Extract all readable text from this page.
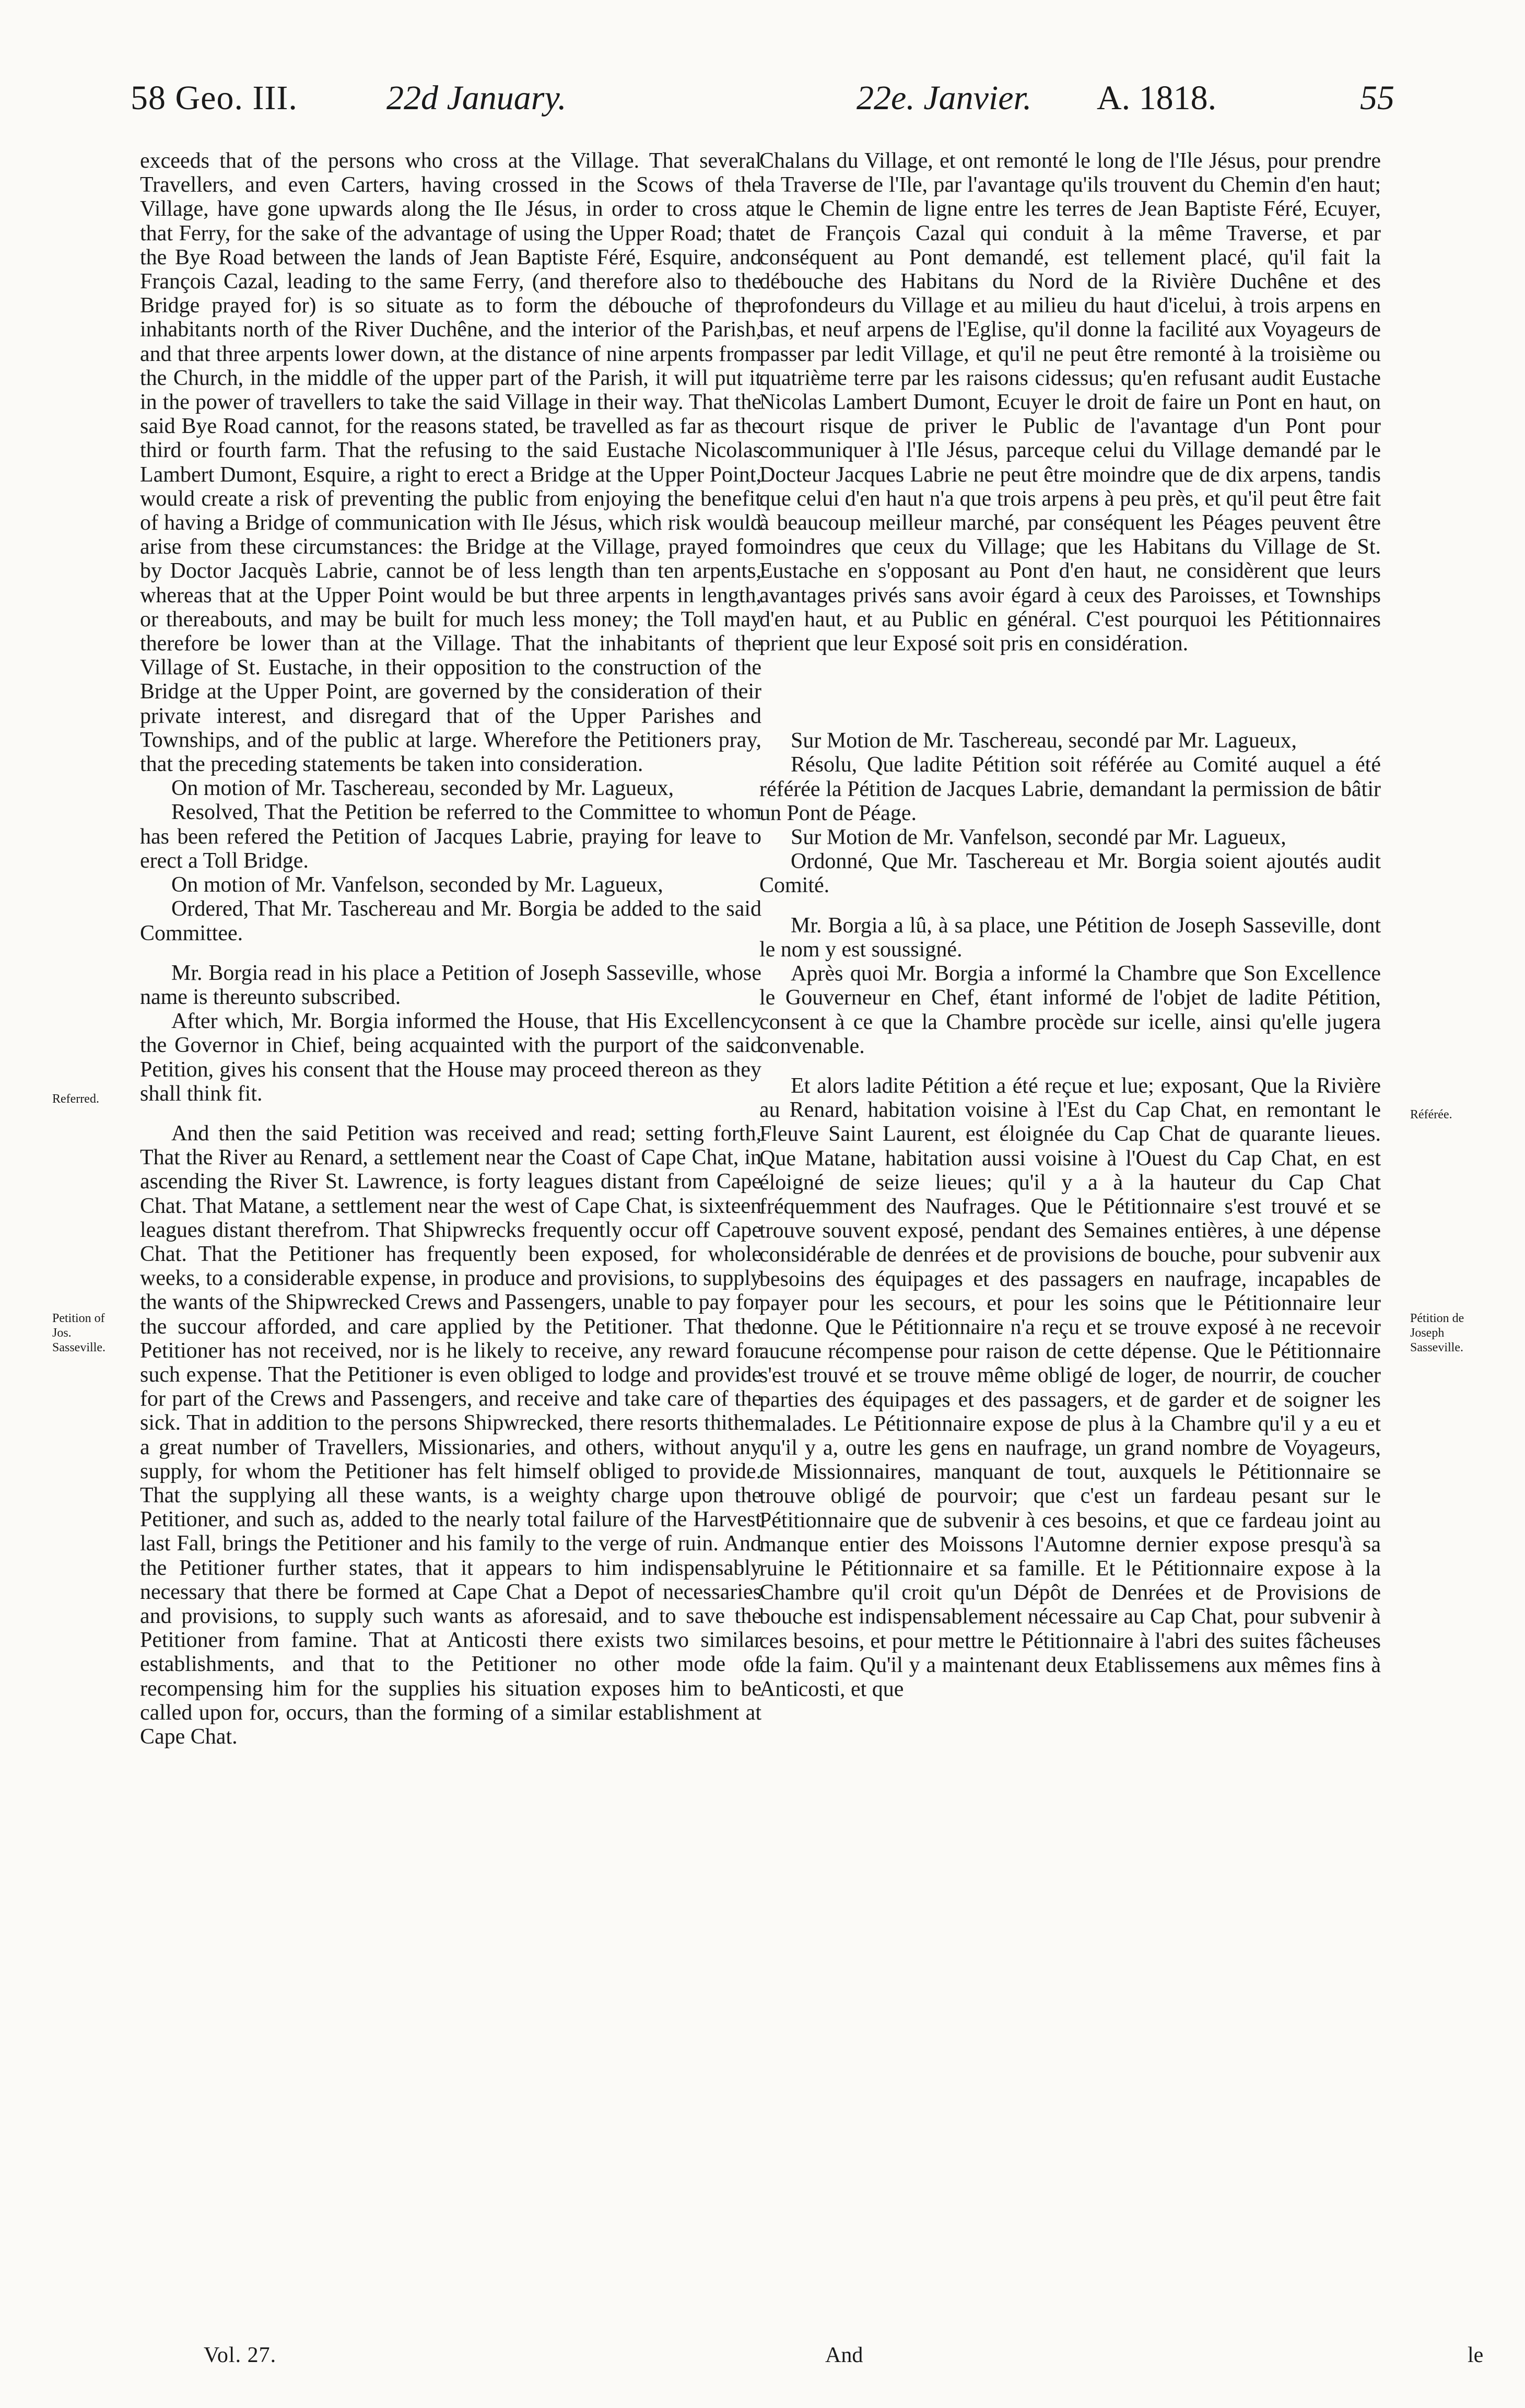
58 Geo. III.	22d January.	22e. Janvier. A. 1818.	55

exceeds that of the persons who cross at the Village. That several Travellers, and even Carters, having crossed in the Scows of the Village, have gone upwards along the Ile Jésus, in order to cross at that Ferry, for the sake of the advantage of using the Upper Road; that the Bye Road between the lands of Jean Baptiste Féré, Esquire, and François Cazal, leading to the same Ferry, (and therefore also to the Bridge prayed for) is so situate as to form the débouche of the inhabitants north of the River Duchêne, and the interior of the Parish, and that three arpents lower down, at the distance of nine arpents from the Church, in the middle of the upper part of the Parish, it will put it in the power of travellers to take the said Village in their way. That the said Bye Road cannot, for the reasons stated, be travelled as far as the third or fourth farm. That the refusing to the said Eustache Nicolas Lambert Dumont, Esquire, a right to erect a Bridge at the Upper Point, would create a risk of preventing the public from enjoying the benefit of having a Bridge of communication with Ile Jésus, which risk would arise from these circumstances: the Bridge at the Village, prayed for by Doctor Jacquès Labrie, cannot be of less length than ten arpents, whereas that at the Upper Point would be but three arpents in length, or thereabouts, and may be built for much less money; the Toll may therefore be lower than at the Village. That the inhabitants of the Village of St. Eustache, in their opposition to the construction of the Bridge at the Upper Point, are governed by the consideration of their private interest, and disregard that of the Upper Parishes and Townships, and of the public at large. Wherefore the Petitioners pray, that the preceding statements be taken into consideration.

On motion of Mr. Taschereau, seconded by Mr. Lagueux,

Resolved, That the Petition be referred to the Committee to whom has been refered the Petition of Jacques Labrie, praying for leave to erect a Toll Bridge.

On motion of Mr. Vanfelson, seconded by Mr. Lagueux,

Ordered, That Mr. Taschereau and Mr. Borgia be added to the said Committee.

Mr. Borgia read in his place a Petition of Joseph Sasseville, whose name is thereunto subscribed.

After which, Mr. Borgia informed the House, that His Excellency the Governor in Chief, being acquainted with the purport of the said Petition, gives his consent that the House may proceed thereon as they shall think fit.

And then the said Petition was received and read; setting forth, That the River au Renard, a settlement near the Coast of Cape Chat, in ascending the River St. Lawrence, is forty leagues distant from Cape Chat. That Matane, a settlement near the west of Cape Chat, is sixteen leagues distant therefrom. That Shipwrecks frequently occur off Cape Chat. That the Petitioner has frequently been exposed, for whole weeks, to a considerable expense, in produce and provisions, to supply the wants of the Shipwrecked Crews and Passengers, unable to pay for the succour afforded, and care applied by the Petitioner. That the Petitioner has not received, nor is he likely to receive, any reward for such expense. That the Petitioner is even obliged to lodge and provide for part of the Crews and Passengers, and receive and take care of the sick. That in addition to the persons Shipwrecked, there resorts thither a great number of Travellers, Missionaries, and others, without any supply, for whom the Petitioner has felt himself obliged to provide. That the supplying all these wants, is a weighty charge upon the Petitioner, and such as, added to the nearly total failure of the Harvest last Fall, brings the Petitioner and his family to the verge of ruin. And the Petitioner further states, that it appears to him indispensably necessary that there be formed at Cape Chat a Depot of necessaries and provisions, to supply such wants as aforesaid, and to save the Petitioner from famine. That at Anticosti there exists two similar establishments, and that to the Petitioner no other mode of recompensing him for the supplies his situation exposes him to be called upon for, occurs, than the forming of a similar establishment at Cape Chat.

Chalans du Village, et ont remonté le long de l'Ile Jésus, pour prendre la Traverse de l'Ile, par l'avantage qu'ils trouvent du Chemin d'en haut; que le Chemin de ligne entre les terres de Jean Baptiste Féré, Ecuyer, et de François Cazal qui conduit à la même Traverse, et par conséquent au Pont demandé, est tellement placé, qu'il fait la débouche des Habitans du Nord de la Rivière Duchêne et des profondeurs du Village et au milieu du haut d'icelui, à trois arpens en bas, et neuf arpens de l'Eglise, qu'il donne la facilité aux Voyageurs de passer par ledit Village, et qu'il ne peut être remonté à la troisième ou quatrième terre par les raisons cidessus; qu'en refusant audit Eustache Nicolas Lambert Dumont, Ecuyer le droit de faire un Pont en haut, on court risque de priver le Public de l'avantage d'un Pont pour communiquer à l'Ile Jésus, parceque celui du Village demandé par le Docteur Jacques Labrie ne peut être moindre que de dix arpens, tandis que celui d'en haut n'a que trois arpens à peu près, et qu'il peut être fait à beaucoup meilleur marché, par conséquent les Péages peuvent être moindres que ceux du Village; que les Habitans du Village de St. Eustache en s'opposant au Pont d'en haut, ne considèrent que leurs avantages privés sans avoir égard à ceux des Paroisses, et Townships d'en haut, et au Public en général. C'est pourquoi les Pétitionnaires prient que leur Exposé soit pris en considération.

Sur Motion de Mr. Taschereau, secondé par Mr. Lagueux,

Résolu, Que ladite Pétition soit référée au Comité auquel a été référée la Pétition de Jacques Labrie, demandant la permission de bâtir un Pont de Péage.

Sur Motion de Mr. Vanfelson, secondé par Mr. Lagueux,

Ordonné, Que Mr. Taschereau et Mr. Borgia soient ajoutés audit Comité.

Mr. Borgia a lû, à sa place, une Pétition de Joseph Sasseville, dont le nom y est soussigné.

Après quoi Mr. Borgia a informé la Chambre que Son Excellence le Gouverneur en Chef, étant informé de l'objet de ladite Pétition, consent à ce que la Chambre procède sur icelle, ainsi qu'elle jugera convenable.

Et alors ladite Pétition a été reçue et lue; exposant, Que la Rivière au Renard, habitation voisine à l'Est du Cap Chat, en remontant le Fleuve Saint Laurent, est éloignée du Cap Chat de quarante lieues. Que Matane, habitation aussi voisine à l'Ouest du Cap Chat, en est éloigné de seize lieues; qu'il y a à la hauteur du Cap Chat fréquemment des Naufrages. Que le Pétitionnaire s'est trouvé et se trouve souvent exposé, pendant des Semaines entières, à une dépense considérable de denrées et de provisions de bouche, pour subvenir aux besoins des équipages et des passagers en naufrage, incapables de payer pour les secours, et pour les soins que le Pétitionnaire leur donne. Que le Pétitionnaire n'a reçu et se trouve exposé à ne recevoir aucune récompense pour raison de cette dépense. Que le Pétitionnaire s'est trouvé et se trouve même obligé de loger, de nourrir, de coucher parties des équipages et des passagers, et de garder et de soigner les malades. Le Pétitionnaire expose de plus à la Chambre qu'il y a eu et qu'il y a, outre les gens en naufrage, un grand nombre de Voyageurs, de Missionnaires, manquant de tout, auxquels le Pétitionnaire se trouve obligé de pourvoir; que c'est un fardeau pesant sur le Pétitionnaire que de subvenir à ces besoins, et que ce fardeau joint au manque entier des Moissons l'Automne dernier expose presqu'à sa ruine le Pétitionnaire et sa famille. Et le Pétitionnaire expose à la Chambre qu'il croit qu'un Dépôt de Denrées et de Provisions de bouche est indispensablement nécessaire au Cap Chat, pour subvenir à ces besoins, et pour mettre le Pétitionnaire à l'abri des suites fâcheuses de la faim. Qu'il y a maintenant deux Etablissemens aux mêmes fins à Anticosti, et que

Referred.
Référée.
Petition of Jos. Sasseville.
Pétition de Joseph Sasseville.
Vol. 27.	And	le
